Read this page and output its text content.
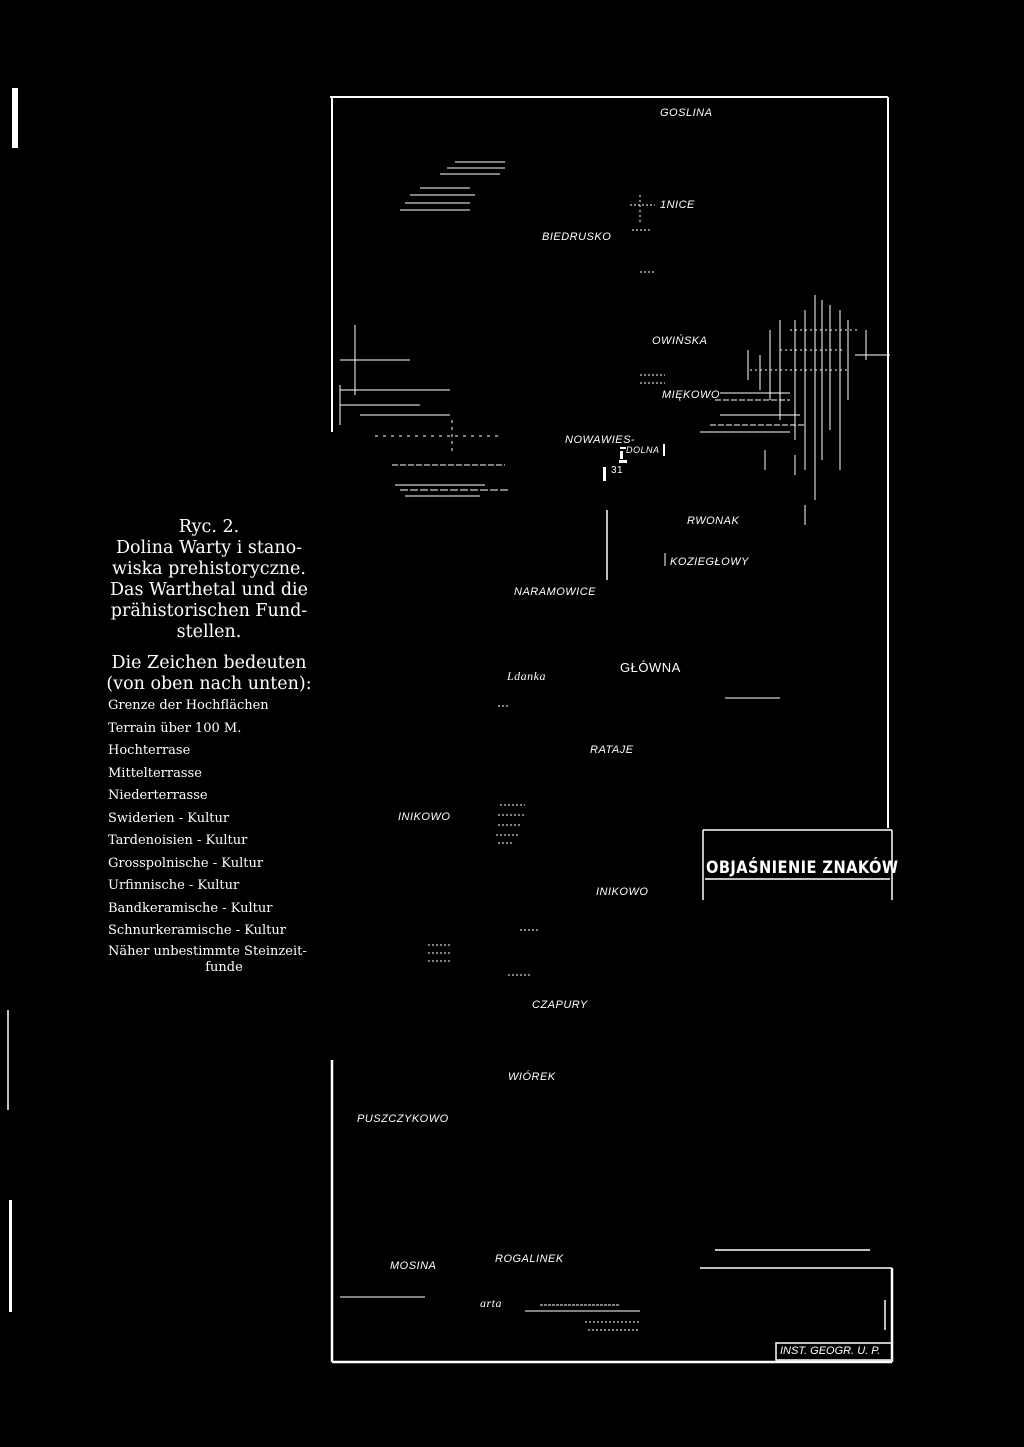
GOSLINA
BIEDRUSKO
1NICE
OWIŃSKA
MIĘKOWO
NOWAWIES-
DOLNA
31
RWONAK
KOZIEGŁOWY
NARAMOWICE
GŁÓWNA
Ldanka
RATAJE
INIKOWO
INIKOWO
CZAPURY
WIÓREK
PUSZCZYKOWO
MOSINA
ROGALINEK
arta
OBJAŚNIENIE ZNAKÓW
INST. GEOGR. U. P.
Ryc. 2.
Dolina Warty i stano-
wiska prehistoryczne.
Das Warthetal und die
prähistorischen Fund-
stellen.
Die Zeichen bedeuten
(von oben nach unten):
Grenze der Hochflächen
Terrain über 100 M.
Hochterrase
Mittelterrasse
Niederterrasse
Swiderien - Kultur
Tardenoisien - Kultur
Grosspolnische - Kultur
Urfinnische - Kultur
Bandkeramische - Kultur
Schnurkeramische - Kultur
Näher unbestimmte Steinzeit-
funde
